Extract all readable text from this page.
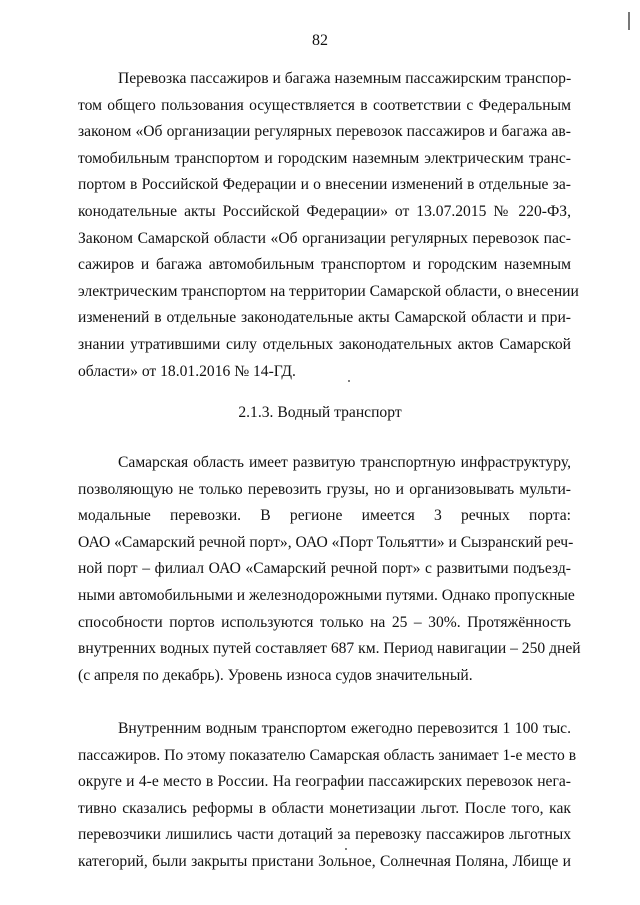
82
Перевозка пассажиров и багажа наземным пассажирским транспор-
том общего пользования осуществляется в соответствии с Федеральным
законом «Об организации регулярных перевозок пассажиров и багажа ав-
томобильным транспортом и городским наземным электрическим транс-
портом в Российской Федерации и о внесении изменений в отдельные за-
конодательные акты Российской Федерации» от 13.07.2015 № 220-ФЗ,
Законом Самарской области «Об организации регулярных перевозок пас-
сажиров и багажа автомобильным транспортом и городским наземным
электрическим транспортом на территории Самарской области, о внесении
изменений в отдельные законодательные акты Самарской области и при-
знании утратившими силу отдельных законодательных актов Самарской
области» от 18.01.2016 № 14-ГД.
2.1.3. Водный транспорт
Самарская область имеет развитую транспортную инфраструктуру,
позволяющую не только перевозить грузы, но и организовывать мульти-
модальные перевозки. В регионе имеется 3 речных порта:
ОАО «Самарский речной порт», ОАО «Порт Тольятти» и Сызранский реч-
ной порт – филиал ОАО «Самарский речной порт» с развитыми подъезд-
ными автомобильными и железнодорожными путями. Однако пропускные
способности портов используются только на 25 – 30%. Протяжённость
внутренних водных путей составляет 687 км. Период навигации – 250 дней
(с апреля по декабрь). Уровень износа судов значительный.
Внутренним водным транспортом ежегодно перевозится 1 100 тыс.
пассажиров. По этому показателю Самарская область занимает 1-е место в
округе и 4-е место в России. На географии пассажирских перевозок нега-
тивно сказались реформы в области монетизации льгот. После того, как
перевозчики лишились части дотаций за перевозку пассажиров льготных
категорий, были закрыты пристани Зольное, Солнечная Поляна, Лбище и
